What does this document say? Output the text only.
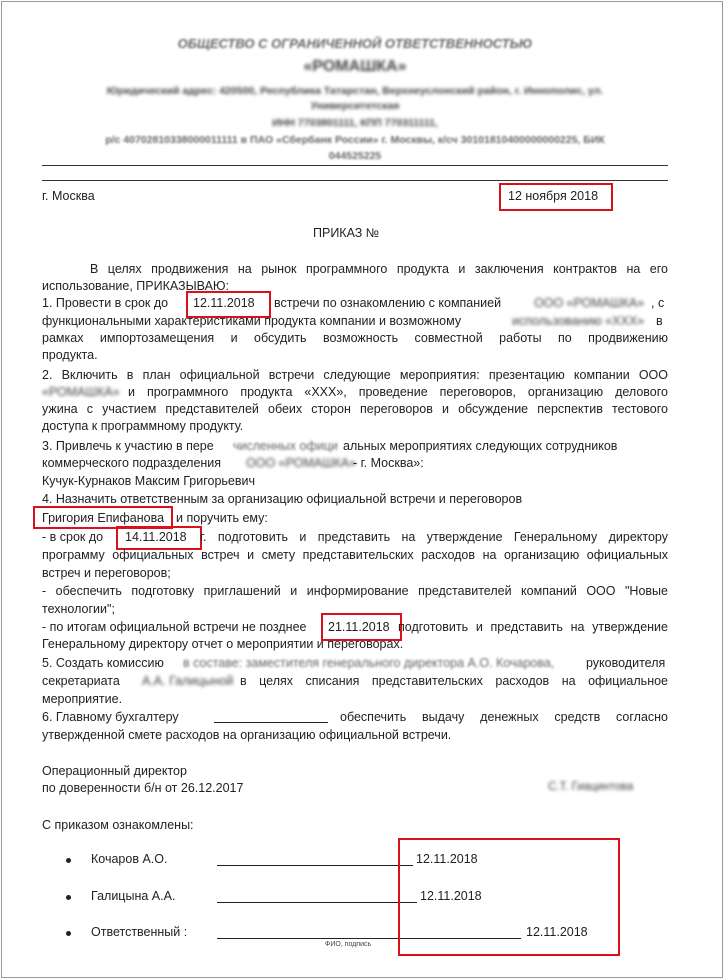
ОБЩЕСТВО С ОГРАНИЧЕННОЙ ОТВЕТСТВЕННОСТЬЮ
«РОМАШКА»
Юридический адрес: 420500, Республика Татарстан, Верхнеуслонский район, г. Иннополис, ул.
Университетская
ИНН 7703801111, КПП 770311111,
р/с 40702810338000011111 в ПАО «Сбербанк России» г. Москвы, к/сч 30101810400000000225, БИК
044525225
г. Москва	12 ноября 2018
ПРИКАЗ №
В целях продвижения на рынок программного продукта и заключения контрактов на его
использование, ПРИКАЗЫВАЮ:
1. Провести в срок до 12.11.2018 встречи по ознакомлению с компанией	ООО «РОМАШКА» , с
функциональными характеристиками продукта компании и возможному	использованию «XXX» в
рамках импортозамещения и обсудить возможность совместной работы по продвижению
продукта.
2. Включить в план официальной встречи следующие мероприятия: презентацию компании ООО
«РОМАШКА» и программного продукта «XXX», проведение переговоров, организацию делового
ужина с участием представителей обеих сторон переговоров и обсуждение перспектив тестового
доступа к программному продукту.
3. Привлечь к участию в пере численных офици альных мероприятиях следующих сотрудников
коммерческого подразделения ООО «РОМАШКА»
- г. Москва»:
Кучук-Курнаков Максим Григорьевич
4. Назначить ответственным за организацию официальной встречи и переговоров
Григория Епифанова и поручить ему:
- в срок до 14.11.2018 г. подготовить и представить на утверждение Генеральному директору
программу официальных встреч и смету представительских расходов на организацию официальных
встреч и переговоров;
- обеспечить подготовку приглашений и информирование представителей компаний ООО "Новые
технологии";
- по итогам официальной встречи не позднее 21.11.2018 подготовить и представить на утверждение
Генеральному директору отчет о мероприятии и переговорах.
5. Создать комиссию в составе: заместителя генерального директора А.О. Кочарова,	руководителя
секретариата А.А. Галицыной в целях списания представительских расходов на официальное
мероприятие.
6. Главному бухгалтеру	обеспечить выдачу денежных средств согласно
утвержденной смете расходов на организацию официальной встречи.
Операционный директор
по доверенности б/н от 26.12.2017	С.Т. Гиацинтова
С приказом ознакомлены:
Кочаров А.О.	12.11.2018
Галицына А.А.	12.11.2018
Ответственный :	12.11.2018
ФИО, подпись
